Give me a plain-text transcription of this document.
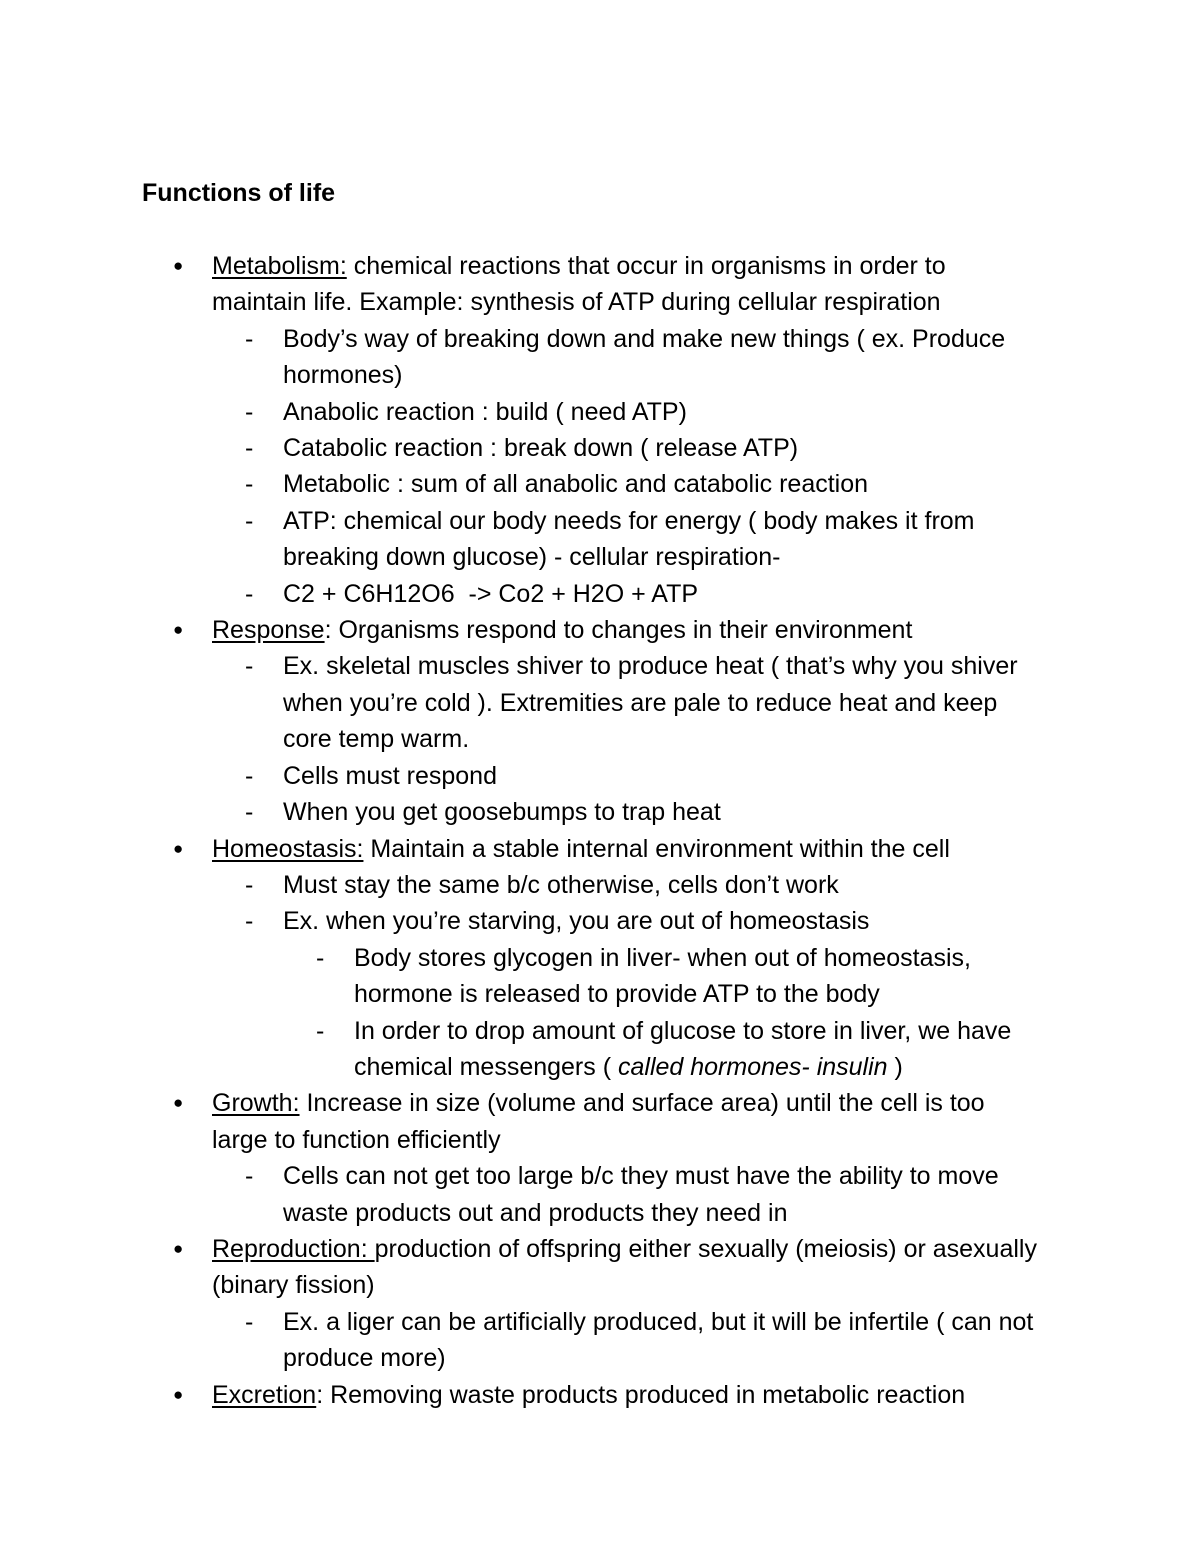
Functions of life
● Metabolism: chemical reactions that occur in organisms in order to maintain life. Example: synthesis of ATP during cellular respiration
- Body’s way of breaking down and make new things ( ex. Produce hormones)
- Anabolic reaction : build ( need ATP)
- Catabolic reaction : break down ( release ATP)
- Metabolic : sum of all anabolic and catabolic reaction
- ATP: chemical our body needs for energy ( body makes it from breaking down glucose) - cellular respiration-
- C2 + C6H12O6  -> Co2 + H2O + ATP
● Response: Organisms respond to changes in their environment
- Ex. skeletal muscles shiver to produce heat ( that’s why you shiver when you’re cold ). Extremities are pale to reduce heat and keep core temp warm.
- Cells must respond
- When you get goosebumps to trap heat
● Homeostasis: Maintain a stable internal environment within the cell
- Must stay the same b/c otherwise, cells don’t work
- Ex. when you’re starving, you are out of homeostasis
- Body stores glycogen in liver- when out of homeostasis, hormone is released to provide ATP to the body
- In order to drop amount of glucose to store in liver, we have chemical messengers ( called hormones- insulin )
● Growth: Increase in size (volume and surface area) until the cell is too large to function efficiently
- Cells can not get too large b/c they must have the ability to move waste products out and products they need in
● Reproduction: production of offspring either sexually (meiosis) or asexually (binary fission)
- Ex. a liger can be artificially produced, but it will be infertile ( can not produce more)
● Excretion: Removing waste products produced in metabolic reaction
